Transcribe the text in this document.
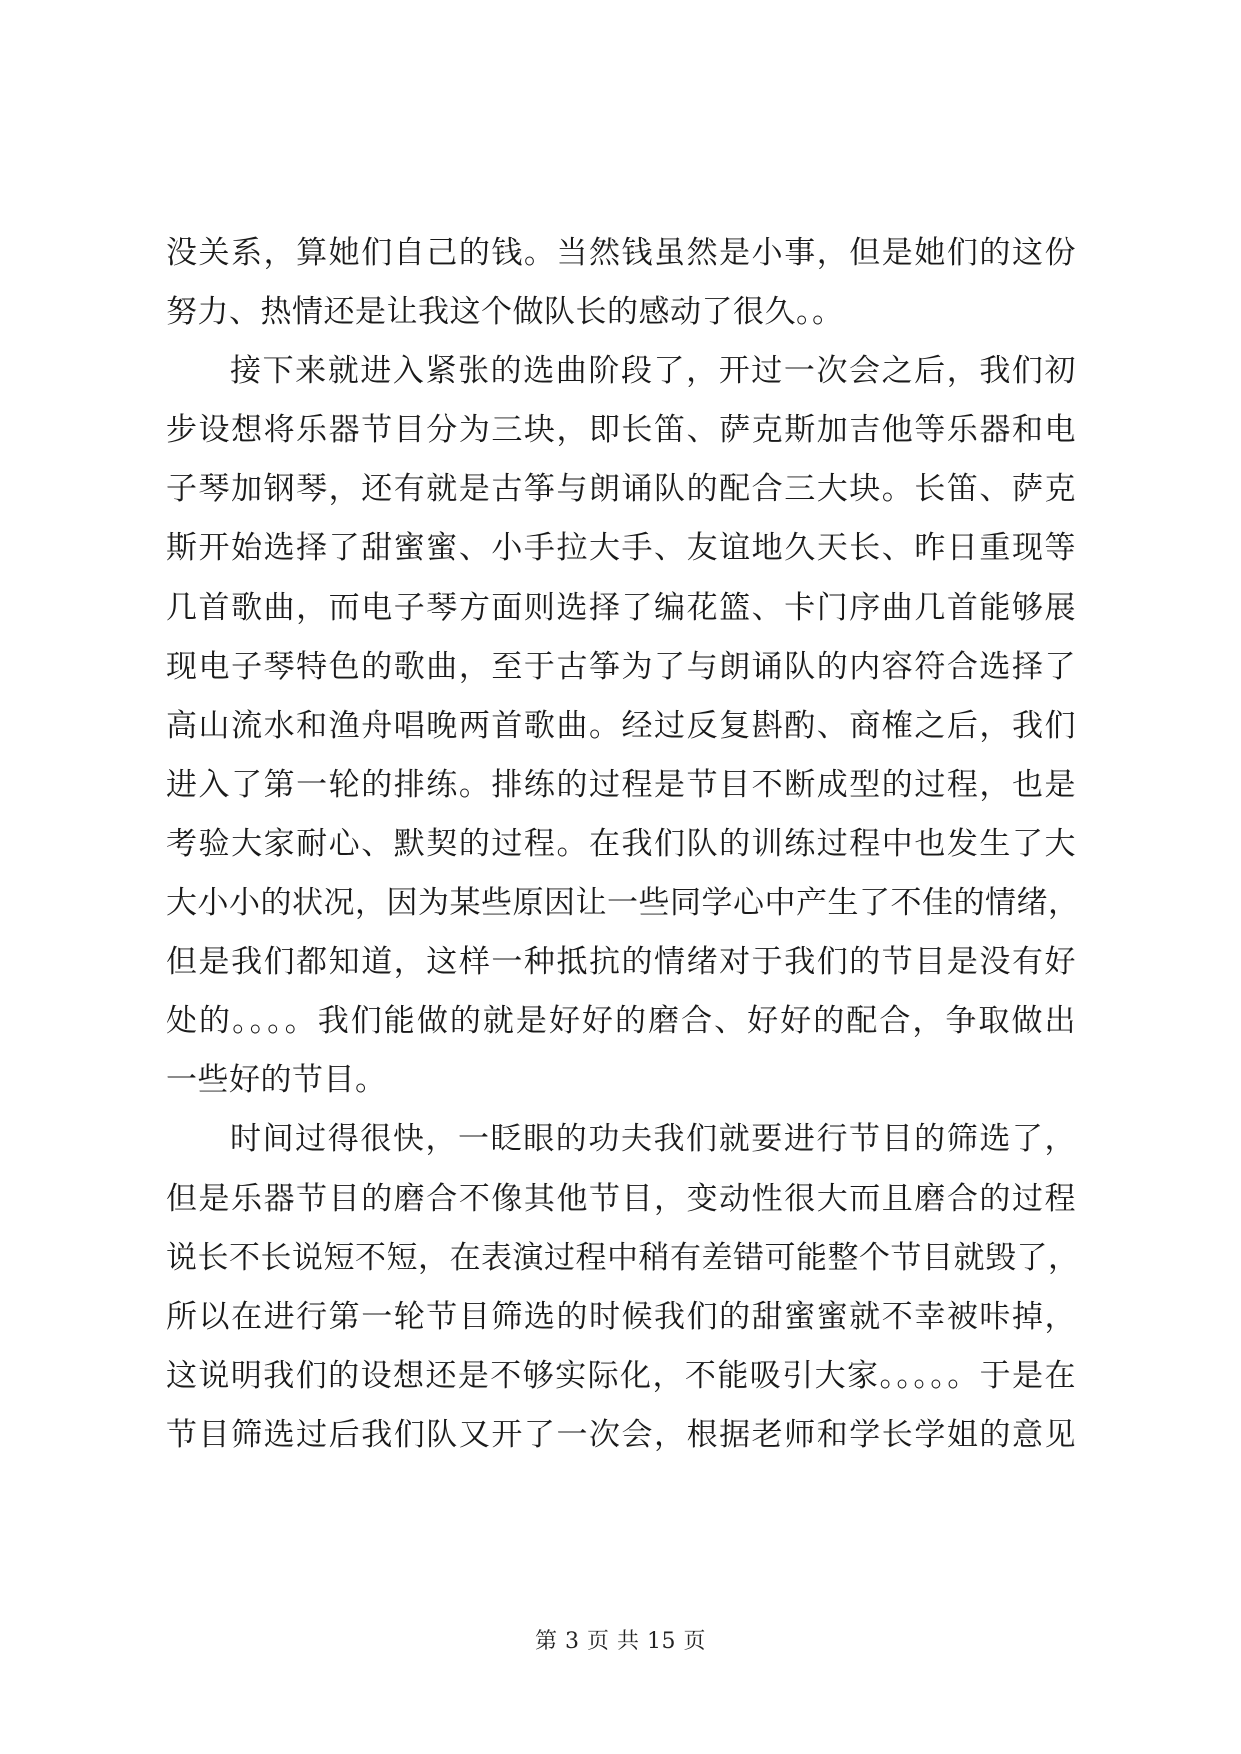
没关系，算她们自己的钱。当然钱虽然是小事，但是她们的这份
努力、热情还是让我这个做队长的感动了很久。。
接下来就进入紧张的选曲阶段了，开过一次会之后，我们初
步设想将乐器节目分为三块，即长笛、萨克斯加吉他等乐器和电
子琴加钢琴，还有就是古筝与朗诵队的配合三大块。长笛、萨克
斯开始选择了甜蜜蜜、小手拉大手、友谊地久天长、昨日重现等
几首歌曲，而电子琴方面则选择了编花篮、卡门序曲几首能够展
现电子琴特色的歌曲，至于古筝为了与朗诵队的内容符合选择了
高山流水和渔舟唱晚两首歌曲。经过反复斟酌、商榷之后，我们
进入了第一轮的排练。排练的过程是节目不断成型的过程，也是
考验大家耐心、默契的过程。在我们队的训练过程中也发生了大
大小小的状况，因为某些原因让一些同学心中产生了不佳的情绪，
但是我们都知道，这样一种抵抗的情绪对于我们的节目是没有好
处的。。。。我们能做的就是好好的磨合、好好的配合，争取做出
一些好的节目。
时间过得很快，一眨眼的功夫我们就要进行节目的筛选了，
但是乐器节目的磨合不像其他节目，变动性很大而且磨合的过程
说长不长说短不短，在表演过程中稍有差错可能整个节目就毁了，
所以在进行第一轮节目筛选的时候我们的甜蜜蜜就不幸被咔掉，
这说明我们的设想还是不够实际化，不能吸引大家。。。。。于是在
节目筛选过后我们队又开了一次会，根据老师和学长学姐的意见
第 3 页 共 15 页
